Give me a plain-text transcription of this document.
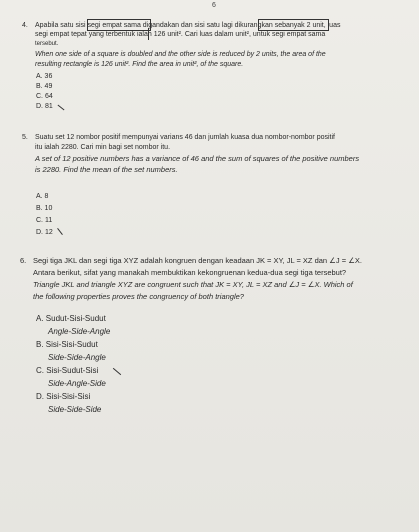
6
4. Apabila satu sisi segi empat sama digandakan dan sisi satu lagi dikurangkan sebanyak 2 unit, luas
segi empat tepat yang terbentuk ialah 126 unit². Cari luas dalam unit², untuk segi empat sama
tersebut.
When one side of a square is doubled and the other side is reduced by 2 units, the area of the
resulting rectangle is 126 unit². Find the area in unit², of the square.
A. 36
B. 49
C. 64
D. 81
5. Suatu set 12 nombor positif mempunyai varians 46 dan jumlah kuasa dua nombor-nombor positif
itu ialah 2280. Cari min bagi set nombor itu.
A set of 12 positive numbers has a variance of 46 and the sum of squares of the positive numbers
is 2280. Find the mean of the set numbers.
A. 8
B. 10
C. 11
D. 12
6. Segi tiga JKL dan segi tiga XYZ adalah kongruen dengan keadaan JK = XY, JL = XZ dan ∠J = ∠X.
Antara berikut, sifat yang manakah membuktikan kekongruenan kedua-dua segi tiga tersebut?
Triangle JKL and triangle XYZ are congruent such that JK = XY, JL = XZ and ∠J = ∠X. Which of
the following properties proves the congruency of both triangle?
A. Sudut-Sisi-Sudut
Angle-Side-Angle
B. Sisi-Sisi-Sudut
Side-Side-Angle
C. Sisi-Sudut-Sisi
Side-Angle-Side
D. Sisi-Sisi-Sisi
Side-Side-Side
